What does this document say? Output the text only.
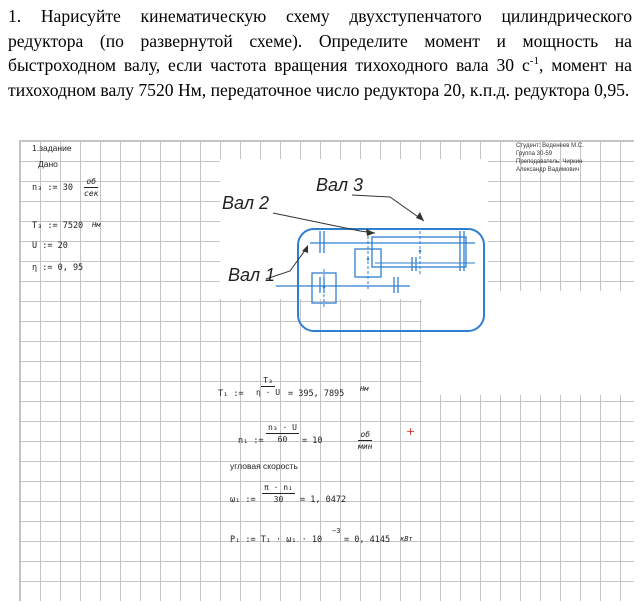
1. Нарисуйте кинематическую схему двухступенчатого цилиндрического редуктора (по развернутой схеме). Определите момент и мощность на быстроходном валу, если частота вращения тихоходного вала 30 $с^{-1}$, момент на тихоходном валу 7520 Нм, передаточное число редуктора 20, к.п.д. редуктора 0,95.
1.задание
Дано
Студент: Веденеев М.С.
Группа 30-59
Преподаватель: Чиркин
Александр Вадимович
n₃ := 30
об
сек
T₃ := 7520 Нм
U := 20
η := 0, 95
Вал 2
Вал 3
Вал 1
T₁ := $\frac{\text{T₃}}{\eta \cdot U} = 395$, 7895 Нм
n₁ := $\frac{\text{n₃ · U}}{60} = 10$
об
мин
+
угловая скорость
ω₁ := $\frac{\text{π · n₁}}{30} = 1$, 0472
P₁ := T₁ · ω₁ · 10
−3
= 0, 4145 кВт
